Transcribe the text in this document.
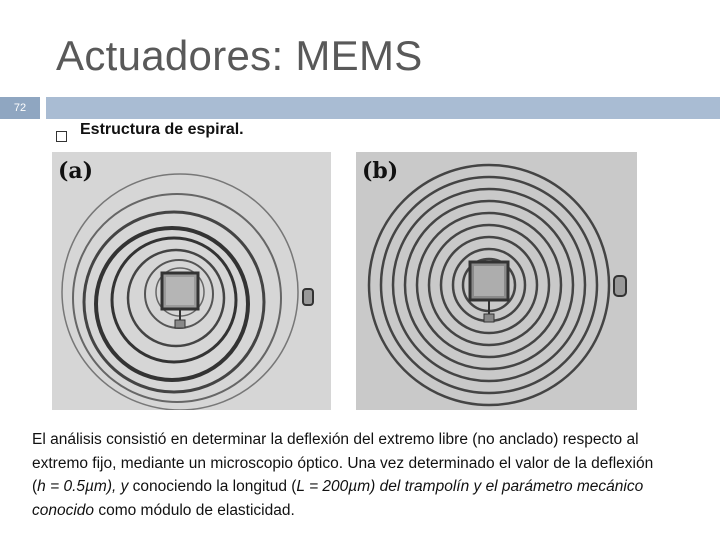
Actuadores: MEMS
72
Estructura de espiral.
(a)	(b)
El análisis consistió en determinar la deflexión del extremo libre (no anclado) respecto al extremo fijo, mediante un microscopio óptico. Una vez determinado el valor de la deflexión (h = 0.5µm), y conociendo la longitud (L = 200µm) del trampolín y el parámetro mecánico conocido como módulo de elasticidad.
